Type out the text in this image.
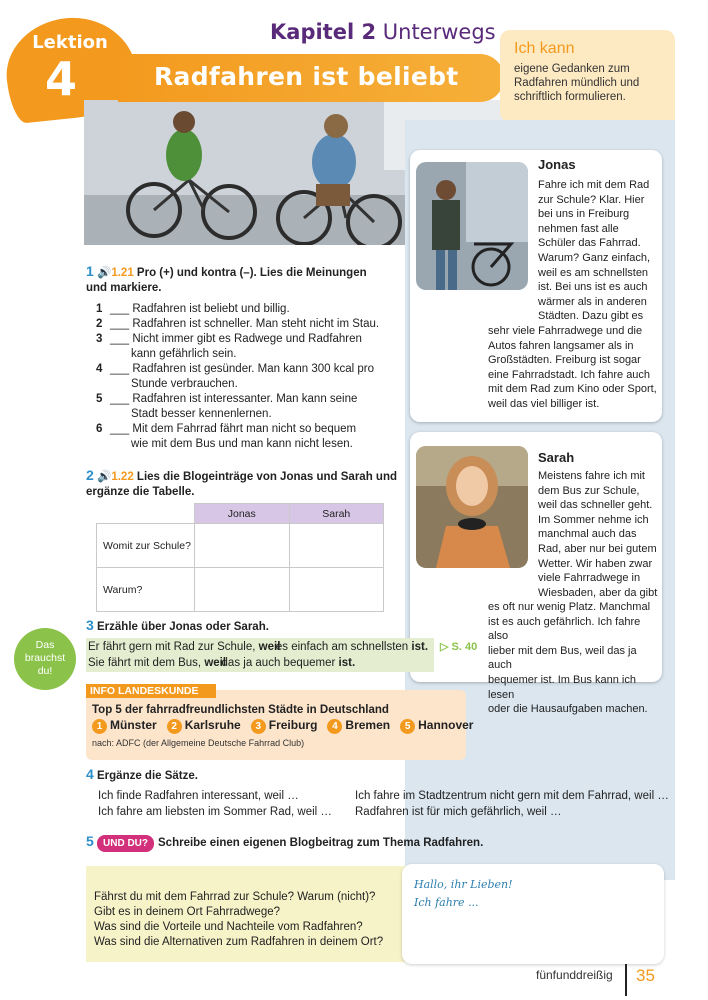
Lektion
4
Kapitel 2 Unterwegs
Radfahren ist beliebt
Ich kann

eigene Gedanken zum

Radfahren mündlich und

schriftlich formulieren.

Jonas
Fahre ich mit dem Rad
zur Schule? Klar. Hier
bei uns in Freiburg
nehmen fast alle
Schüler das Fahrrad.
Warum? Ganz einfach,
weil es am schnellsten
ist. Bei uns ist es auch
wärmer als in anderen
Städten. Dazu gibt es
sehr viele Fahrradwege und die
Autos fahren langsamer als in
Großstädten. Freiburg ist sogar
eine Fahrradstadt. Ich fahre auch
mit dem Rad zum Kino oder Sport,
weil das viel billiger ist.
Sarah
Meistens fahre ich mit
dem Bus zur Schule,
weil das schneller geht.
Im Sommer nehme ich
manchmal auch das
Rad, aber nur bei gutem
Wetter. Wir haben zwar
viele Fahrradwege in
Wiesbaden, aber da gibt
es oft nur wenig Platz. Manchmal
ist es auch gefährlich. Ich fahre also
lieber mit dem Bus, weil das ja auch
bequemer ist. Im Bus kann ich lesen
oder die Hausaufgaben machen.
1 🔊1.21 Pro (+) und kontra (–). Lies die Meinungen
und markiere.
1 ___ Radfahren ist beliebt und billig.
2 ___ Radfahren ist schneller. Man steht nicht im Stau.
3 ___ Nicht immer gibt es Radwege und Radfahren
kann gefährlich sein.
4 ___ Radfahren ist gesünder. Man kann 300 kcal pro
Stunde verbrauchen.
5 ___ Radfahren ist interessanter. Man kann seine
Stadt besser kennenlernen.
6 ___ Mit dem Fahrrad fährt man nicht so bequem
wie mit dem Bus und man kann nicht lesen.
2 🔊1.22 Lies die Blogeinträge von Jonas und Sarah und
ergänze die Tabelle.
	Jonas	Sarah
Womit zur Schule?		
Warum?		
3 Erzähle über Jonas oder Sarah.
Er fährt gern mit Rad zur Schule, weil es einfach am schnellsten ist.
Sie fährt mit dem Bus, weil das ja auch bequemer ist.
▷ S. 40
Das
brauchst
du!
INFO LANDESKUNDE
Top 5 der fahrradfreundlichsten Städte in Deutschland
1 Münster 2 Karlsruhe 3 Freiburg 4 Bremen 5 Hannover
nach: ADFC (der Allgemeine Deutsche Fahrrad Club)
4 Ergänze die Sätze.
Ich finde Radfahren interessant, weil …
Ich fahre am liebsten im Sommer Rad, weil …
Ich fahre im Stadtzentrum nicht gern mit dem Fahrrad, weil …
Radfahren ist für mich gefährlich, weil …
5 UND DU? Schreibe einen eigenen Blogbeitrag zum Thema Radfahren.
Fährst du mit dem Fahrrad zur Schule? Warum (nicht)?
Gibt es in deinem Ort Fahrradwege?
Was sind die Vorteile und Nachteile vom Radfahren?
Was sind die Alternativen zum Radfahren in deinem Ort?
Hallo, ihr Lieben!
Ich fahre ...
fünfunddreißig 35
